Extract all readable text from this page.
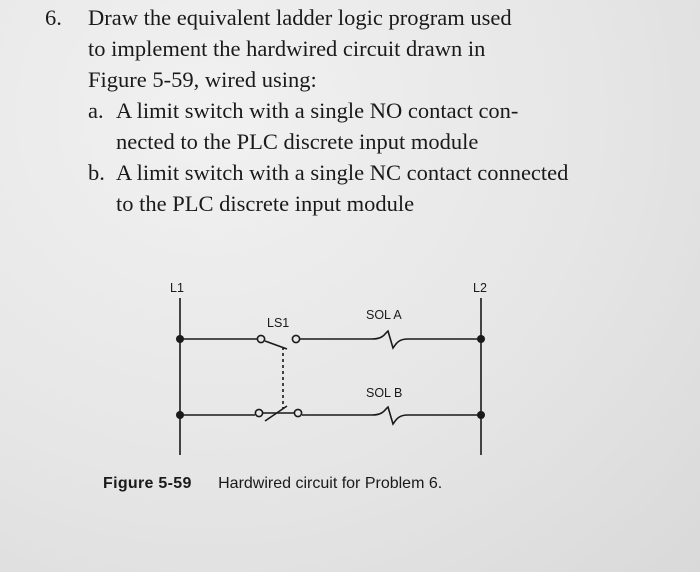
6.	Draw the equivalent ladder logic program used
to implement the hardwired circuit drawn in
Figure 5-59, wired using:
a. A limit switch with a single NO contact con-
nected to the PLC discrete input module
b. A limit switch with a single NC contact connected
to the PLC discrete input module
L1	L2
LS1
SOL A
SOL B
Figure 5-59 Hardwired circuit for Problem 6.
